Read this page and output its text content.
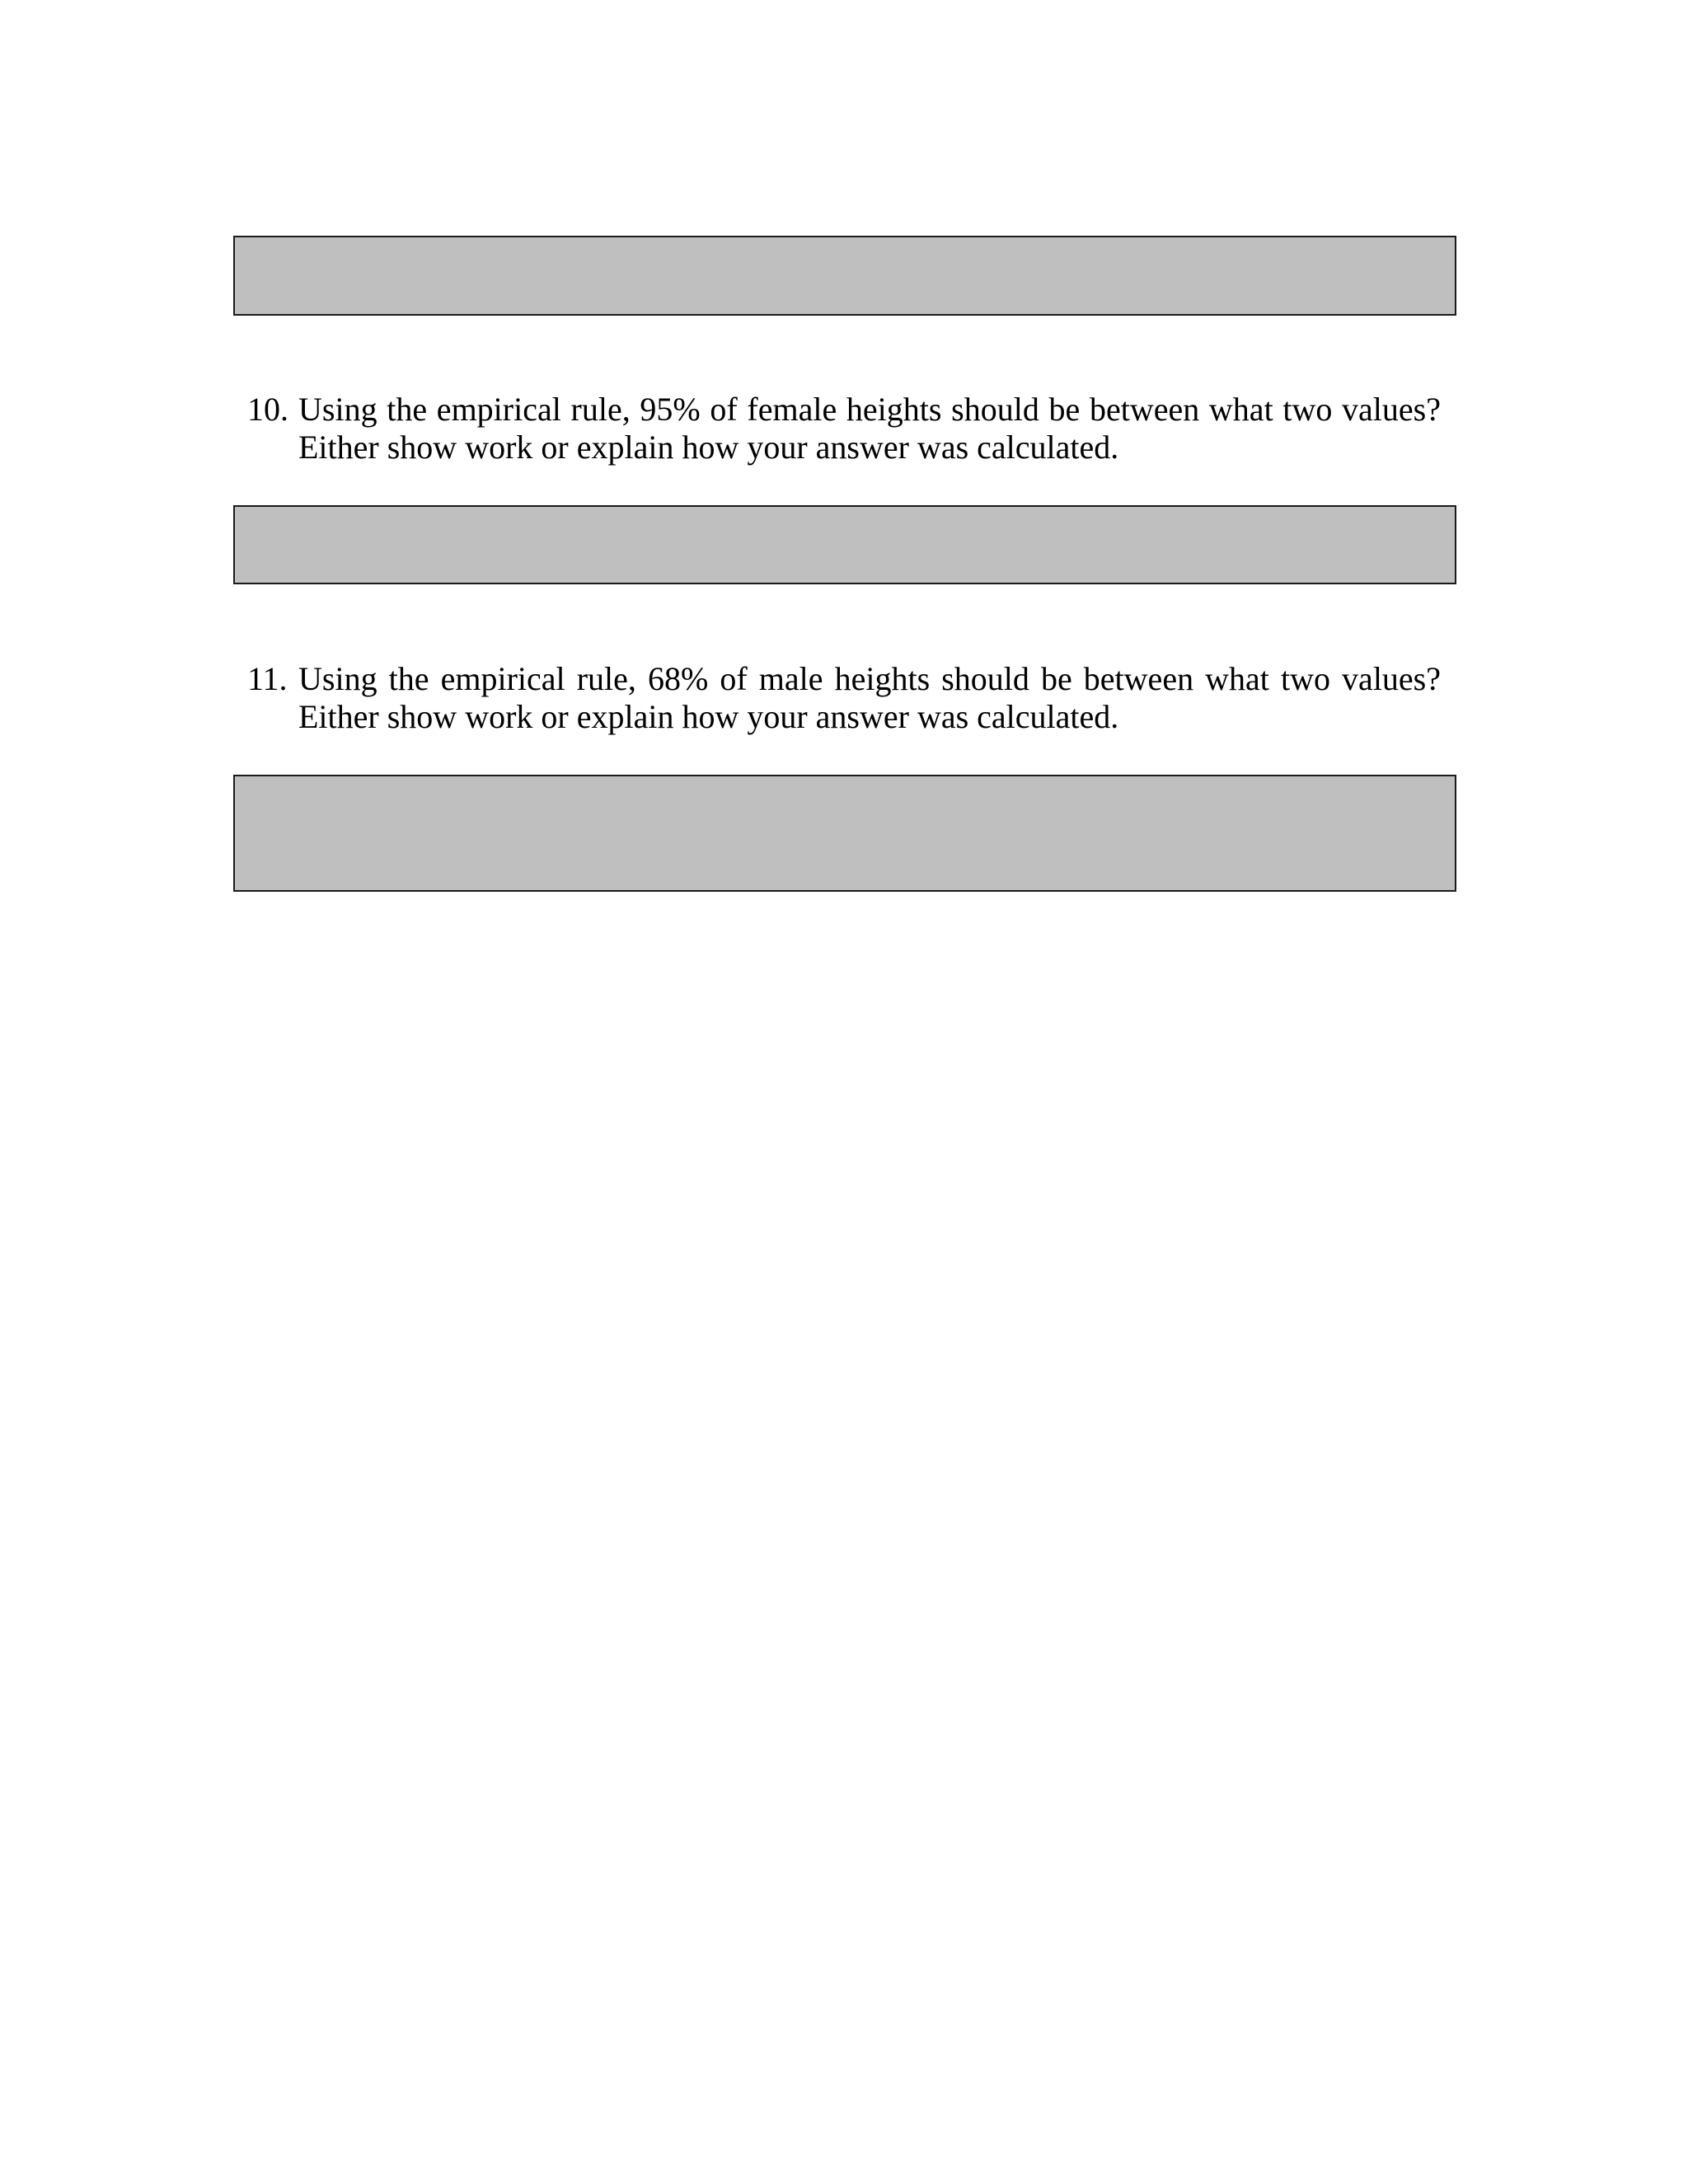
10. Using the empirical rule, 95% of female heights should be between what two values?
Either show work or explain how your answer was calculated.
11. Using the empirical rule, 68% of male heights should be between what two values?
Either show work or explain how your answer was calculated.
